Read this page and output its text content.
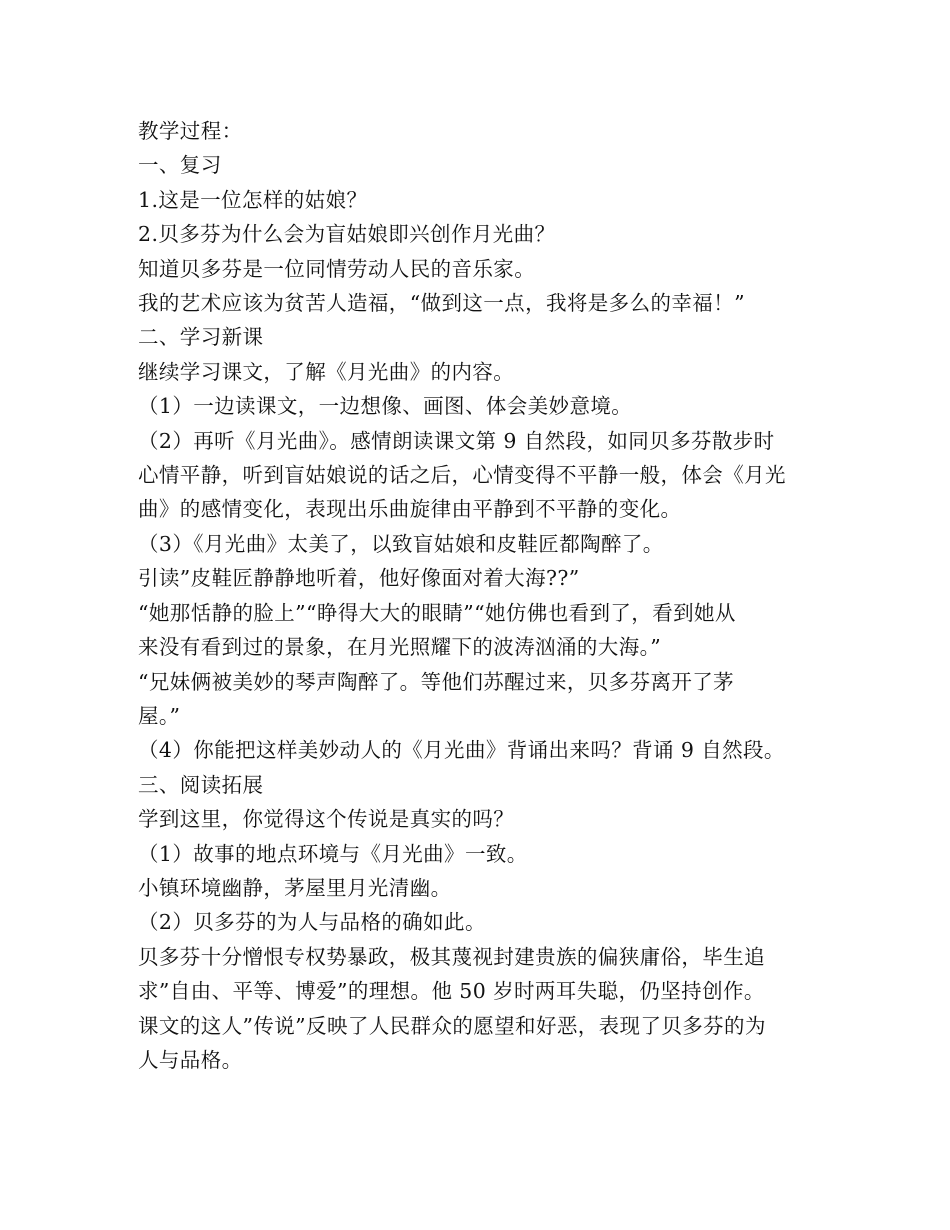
教学过程：
一、复习
1.这是一位怎样的姑娘？
2.贝多芬为什么会为盲姑娘即兴创作月光曲？
知道贝多芬是一位同情劳动人民的音乐家。
我的艺术应该为贫苦人造福，“做到这一点，我将是多么的幸福！”
二、学习新课
继续学习课文，了解《月光曲》的内容。
（1）一边读课文，一边想像、画图、体会美妙意境。
（2）再听《月光曲》。感情朗读课文第 9 自然段，如同贝多芬散步时
心情平静，听到盲姑娘说的话之后，心情变得不平静一般，体会《月光
曲》的感情变化，表现出乐曲旋律由平静到不平静的变化。
（3）《月光曲》太美了，以致盲姑娘和皮鞋匠都陶醉了。
引读”皮鞋匠静静地听着，他好像面对着大海??”
“她那恬静的脸上”“睁得大大的眼睛”“她仿佛也看到了，看到她从
来没有看到过的景象，在月光照耀下的波涛汹涌的大海。”
“兄妹俩被美妙的琴声陶醉了。等他们苏醒过来，贝多芬离开了茅
屋。”
（4）你能把这样美妙动人的《月光曲》背诵出来吗？背诵 9 自然段。
三、阅读拓展
学到这里，你觉得这个传说是真实的吗？
（1）故事的地点环境与《月光曲》一致。
小镇环境幽静，茅屋里月光清幽。
（2）贝多芬的为人与品格的确如此。
贝多芬十分憎恨专权势暴政，极其蔑视封建贵族的偏狭庸俗，毕生追
求”自由、平等、博爱”的理想。他 50 岁时两耳失聪，仍坚持创作。
课文的这人”传说”反映了人民群众的愿望和好恶，表现了贝多芬的为
人与品格。
